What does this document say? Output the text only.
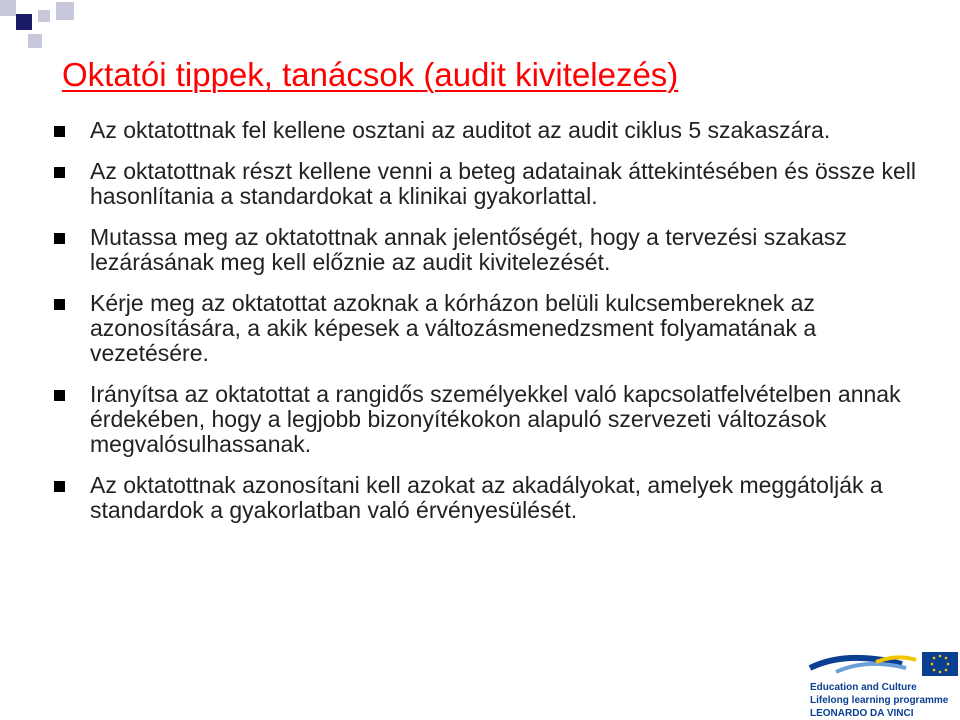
Oktatói tippek, tanácsok (audit kivitelezés)
Az oktatottnak fel kellene osztani az auditot az audit ciklus 5 szakaszára.
Az oktatottnak részt kellene venni a beteg adatainak áttekintésében és össze kell hasonlítania a standardokat a klinikai gyakorlattal.
Mutassa meg az oktatottnak annak jelentőségét, hogy a tervezési szakasz lezárásának meg kell előznie az audit kivitelezését.
Kérje meg az oktatottat azoknak a kórházon belüli kulcsembereknek az azonosítására, a akik képesek a változásmenedzsment folyamatának a vezetésére.
Irányítsa az oktatottat a rangidős személyekkel való kapcsolatfelvételben annak érdekében, hogy a legjobb bizonyítékokon alapuló szervezeti változások megvalósulhassanak.
Az oktatottnak azonosítani kell azokat az akadályokat, amelyek meggátolják a standardok a gyakorlatban való érvényesülését.
Education and Culture
Lifelong learning programme
LEONARDO DA VINCI
